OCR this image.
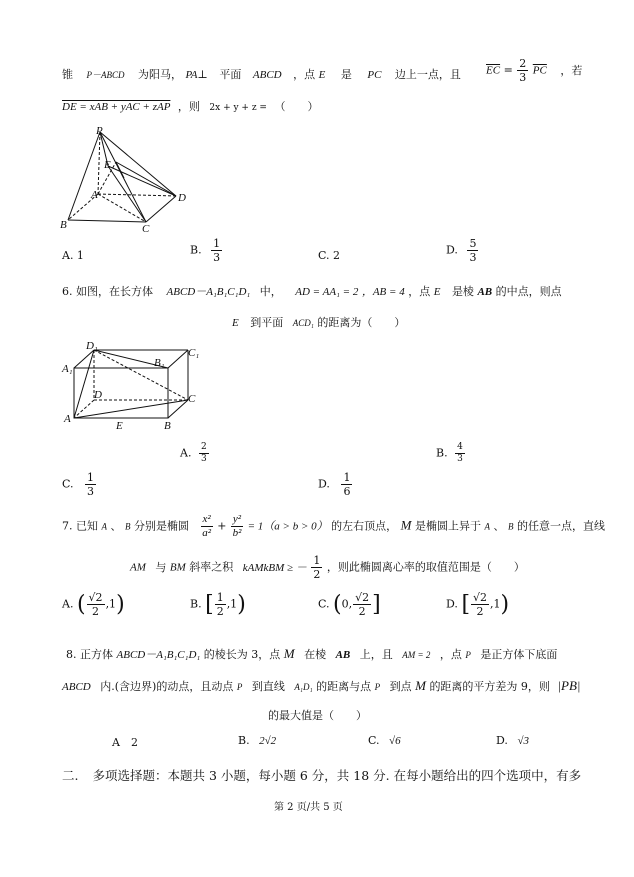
锥 P－ABCD 为阳马， PA⊥ 平面 ABCD ，点 E 是 PC 边上一点，且 $\overline{EC} = \frac{2}{3} \overline{PC}$ ，若
DE = xAB + yAC + zAP ，则 2x + y + z = （　　）
P
E
A
B	C
D
A. 1	B. $\frac{1}{3}$	C. 2	D. $\frac{5}{3}$
6. 如图，在长方体 ABCD－A₁B₁C₁D₁ 中， AD = AA₁ = 2 ，AB = 4 ，点 E 是棱 AB 的中点，则点
E 到平面 ACD₁ 的距离为（　　）
D₁
C₁
A₁	B₁
D	C
A
E	B
A. $\frac{2}{3}$	B. $\frac{4}{3}$
C. $\frac{1}{3}$	D. $\frac{1}{6}$
7. 已知 A 、 B 分别是椭圆 $\frac{\text{x²}}{\text{a²}} + \frac{\text{y²}}{\text{b²}} = 1(a > b > 0)$ 的左右顶点， M 是椭圆上异于 A 、 B 的任意一点，直线
AM 与 BM 斜率之积 kAMkBM ≥ － $\frac{1}{2}$ ，则此椭圆离心率的取值范围是（　　）
A. ( $\frac{√2}{2} ,1$)	B. [ $\frac{1}{2} ,1$)	C. (0, $\frac{√2}{2}$ ]	D. [ $\frac{√2}{2} ,1$)
8. 正方体 ABCD－A₁B₁C₁D₁ 的棱长为 3，点 M 在棱 AB 上，且 AM = 2 ，点 P 是正方体下底面
ABCD 内.(含边界)的动点，且动点 P 到直线 A₁D₁ 的距离与点 P 到点 M 的距离的平方差为 9，则 |PB|
的最大值是（　　）
A　2	B. 2√2	C. √6	D. √3
二. 多项选择题：本题共 3 小题，每小题 6 分，共 18 分. 在每小题给出的四个选项中，有多
第 2 页/共 5 页
